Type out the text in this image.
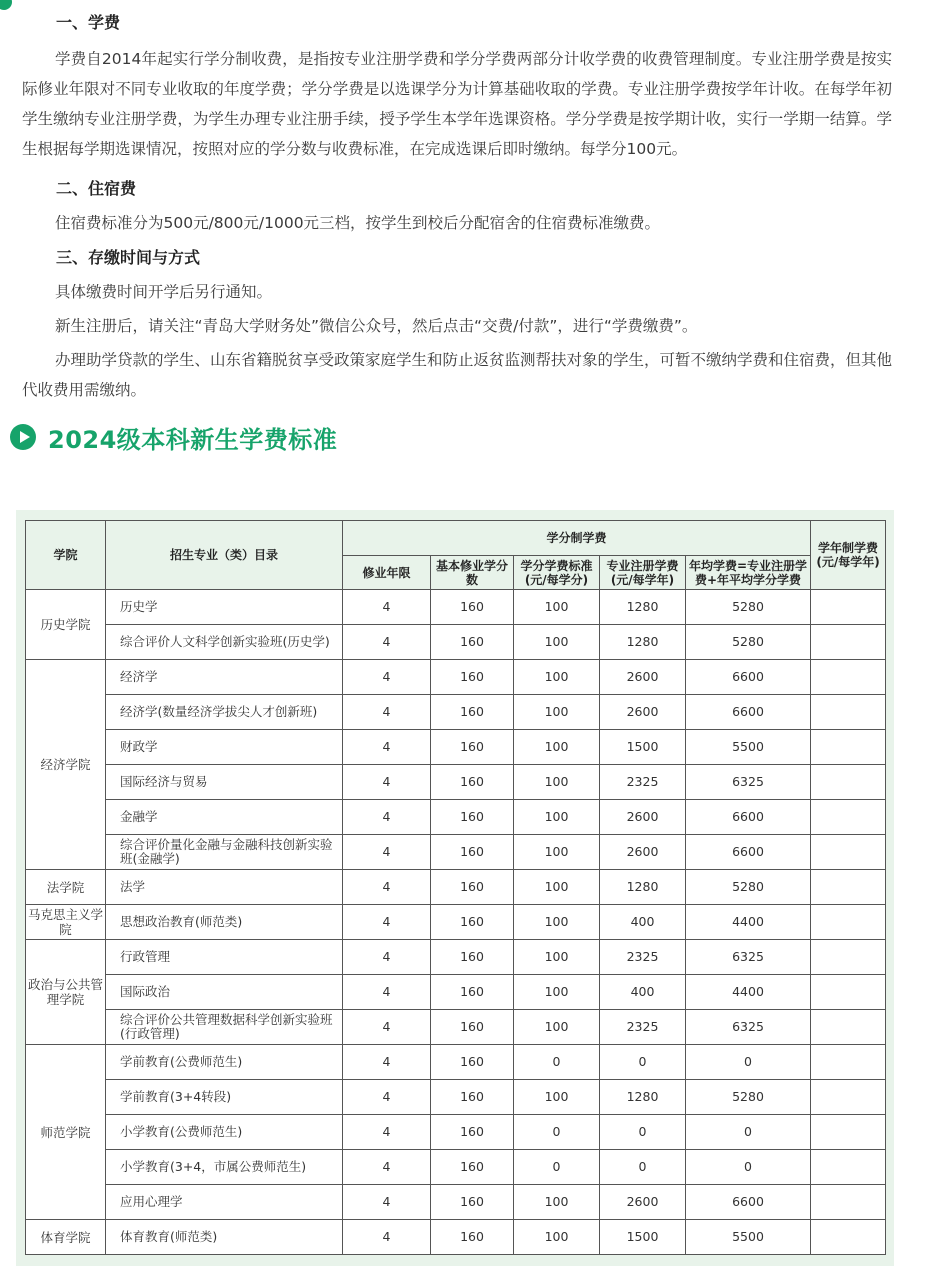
一、学费

学费自2014年起实行学分制收费，是指按专业注册学费和学分学费两部分计收学费的收费管理制度。专业注册学费是按实际修业年限对不同专业收取的年度学费；学分学费是以选课学分为计算基础收取的学费。专业注册学费按学年计收。在每学年初学生缴纳专业注册学费，为学生办理专业注册手续，授予学生本学年选课资格。学分学费是按学期计收，实行一学期一结算。学生根据每学期选课情况，按照对应的学分数与收费标准，在完成选课后即时缴纳。每学分100元。

二、住宿费

住宿费标准分为500元/800元/1000元三档，按学生到校后分配宿舍的住宿费标准缴费。

三、存缴时间与方式

具体缴费时间开学后另行通知。

新生注册后，请关注“青岛大学财务处”微信公众号，然后点击“交费/付款”，进行“学费缴费”。

办理助学贷款的学生、山东省籍脱贫享受政策家庭学生和防止返贫监测帮扶对象的学生，可暂不缴纳学费和住宿费，但其他代收费用需缴纳。

2024级本科新生学费标准
学院	招生专业（类）目录	学分制学费					学年制学费(元/每学年)
		修业年限	基本修业学分数	学分学费标准(元/每学分)	专业注册学费(元/每学年)	年均学费=专业注册学费+年平均学分学费	
历史学院	历史学	4	160	100	1280	5280	
	综合评价人文科学创新实验班(历史学)	4	160	100	1280	5280	
经济学院	经济学	4	160	100	2600	6600	
	经济学(数量经济学拔尖人才创新班)	4	160	100	2600	6600	
	财政学	4	160	100	1500	5500	
	国际经济与贸易	4	160	100	2325	6325	
	金融学	4	160	100	2600	6600	
	综合评价量化金融与金融科技创新实验班(金融学)	4	160	100	2600	6600	
法学院	法学	4	160	100	1280	5280	
马克思主义学院	思想政治教育(师范类)	4	160	100	400	4400	
政治与公共管理学院	行政管理	4	160	100	2325	6325	
	国际政治	4	160	100	400	4400	
	综合评价公共管理数据科学创新实验班(行政管理)	4	160	100	2325	6325	
师范学院	学前教育(公费师范生)	4	160	0	0	0	
	学前教育(3+4转段)	4	160	100	1280	5280	
	小学教育(公费师范生)	4	160	0	0	0	
	小学教育(3+4，市属公费师范生)	4	160	0	0	0	
	应用心理学	4	160	100	2600	6600	
体育学院	体育教育(师范类)	4	160	100	1500	5500	
